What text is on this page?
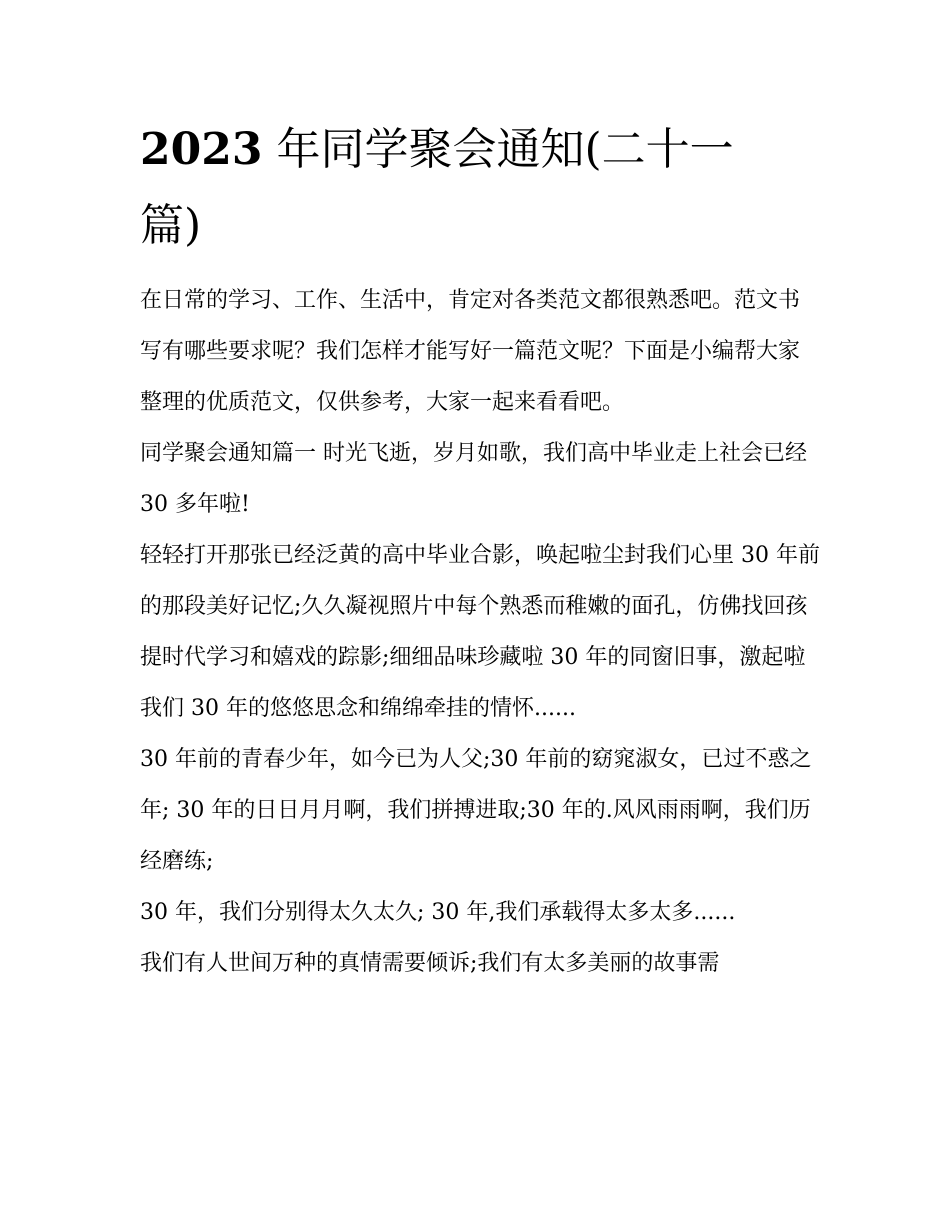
2023 年同学聚会通知(二十一
篇)

在日常的学习、工作、生活中，肯定对各类范文都很熟悉吧。范文书写有哪些要求呢？我们怎样才能写好一篇范文呢？下面是小编帮大家整理的优质范文，仅供参考，大家一起来看看吧。

同学聚会通知篇一 时光飞逝，岁月如歌，我们高中毕业走上社会已经 30 多年啦!

轻轻打开那张已经泛黄的高中毕业合影，唤起啦尘封我们心里 30 年前的那段美好记忆;久久凝视照片中每个熟悉而稚嫩的面孔，仿佛找回孩提时代学习和嬉戏的踪影;细细品味珍藏啦 30 年的同窗旧事，激起啦我们 30 年的悠悠思念和绵绵牵挂的情怀......

30 年前的青春少年，如今已为人父;30 年前的窈窕淑女，已过不惑之年; 30 年的日日月月啊，我们拼搏进取;30 年的.风风雨雨啊，我们历经磨练;

30 年，我们分别得太久太久; 30 年,我们承载得太多太多......

我们有人世间万种的真情需要倾诉;我们有太多美丽的故事需
